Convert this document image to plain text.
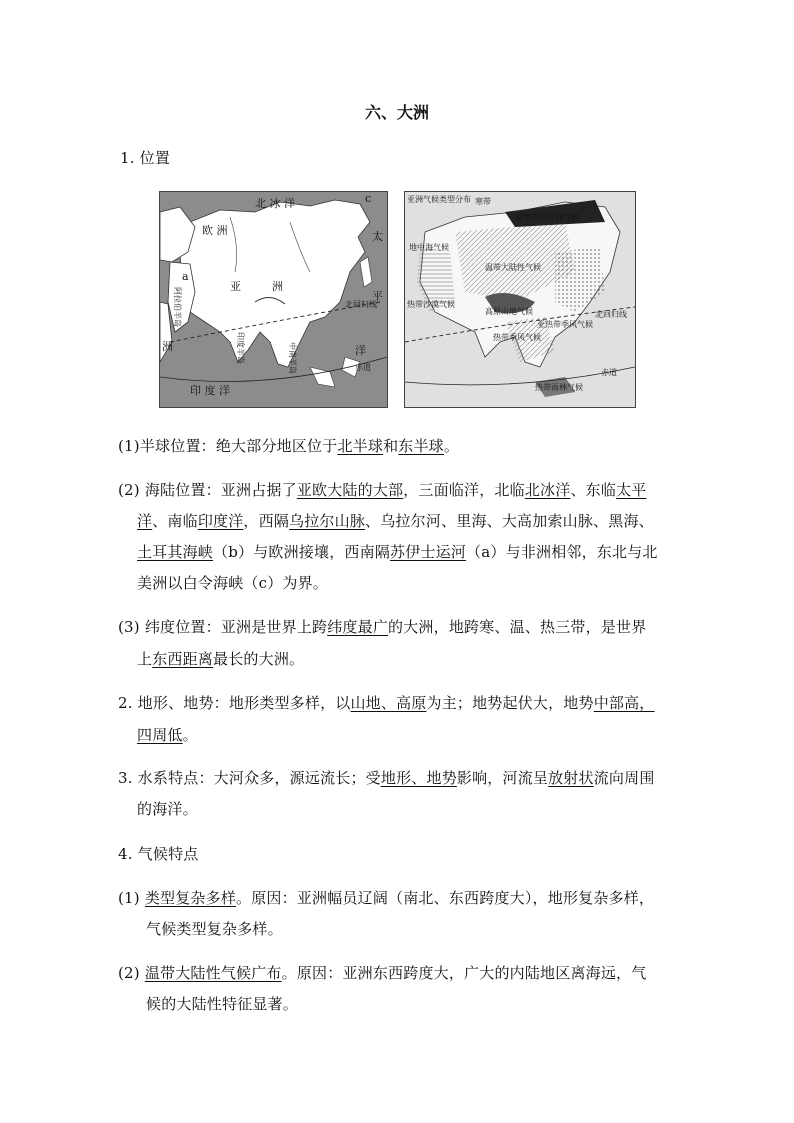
六、大洲
1. 位置
北 冰 洋
欧 洲
亚	洲
太
平
洋
印 度 洋
阿拉伯半岛
洲	中南半岛
印度半岛
北回归线
赤道
c
a
亚洲气候类型分布
亚寒带针叶林气候
寒带
地中海气候
温带大陆性气候
高原山地气候
热带沙漠气候
亚热带季风气候
热带季风气候
热带雨林气候
北回归线
赤道
(1)半球位置：绝大部分地区位于北半球和东半球。
(2) 海陆位置：亚洲占据了亚欧大陆的大部，三面临洋，北临北冰洋、东临太平
洋、南临印度洋，西隔乌拉尔山脉、乌拉尔河、里海、大高加索山脉、黑海、
土耳其海峡（b）与欧洲接壤，西南隔苏伊士运河（a）与非洲相邻，东北与北
美洲以白令海峡（c）为界。
(3) 纬度位置：亚洲是世界上跨纬度最广的大洲，地跨寒、温、热三带，是世界
上东西距离最长的大洲。
2. 地形、地势：地形类型多样，以山地、高原为主；地势起伏大，地势中部高，
四周低。
3. 水系特点：大河众多，源远流长；受地形、地势影响，河流呈放射状流向周围
的海洋。
4. 气候特点
(1) 类型复杂多样。原因：亚洲幅员辽阔（南北、东西跨度大），地形复杂多样，
气候类型复杂多样。
(2) 温带大陆性气候广布。原因：亚洲东西跨度大，广大的内陆地区离海远，气
候的大陆性特征显著。
